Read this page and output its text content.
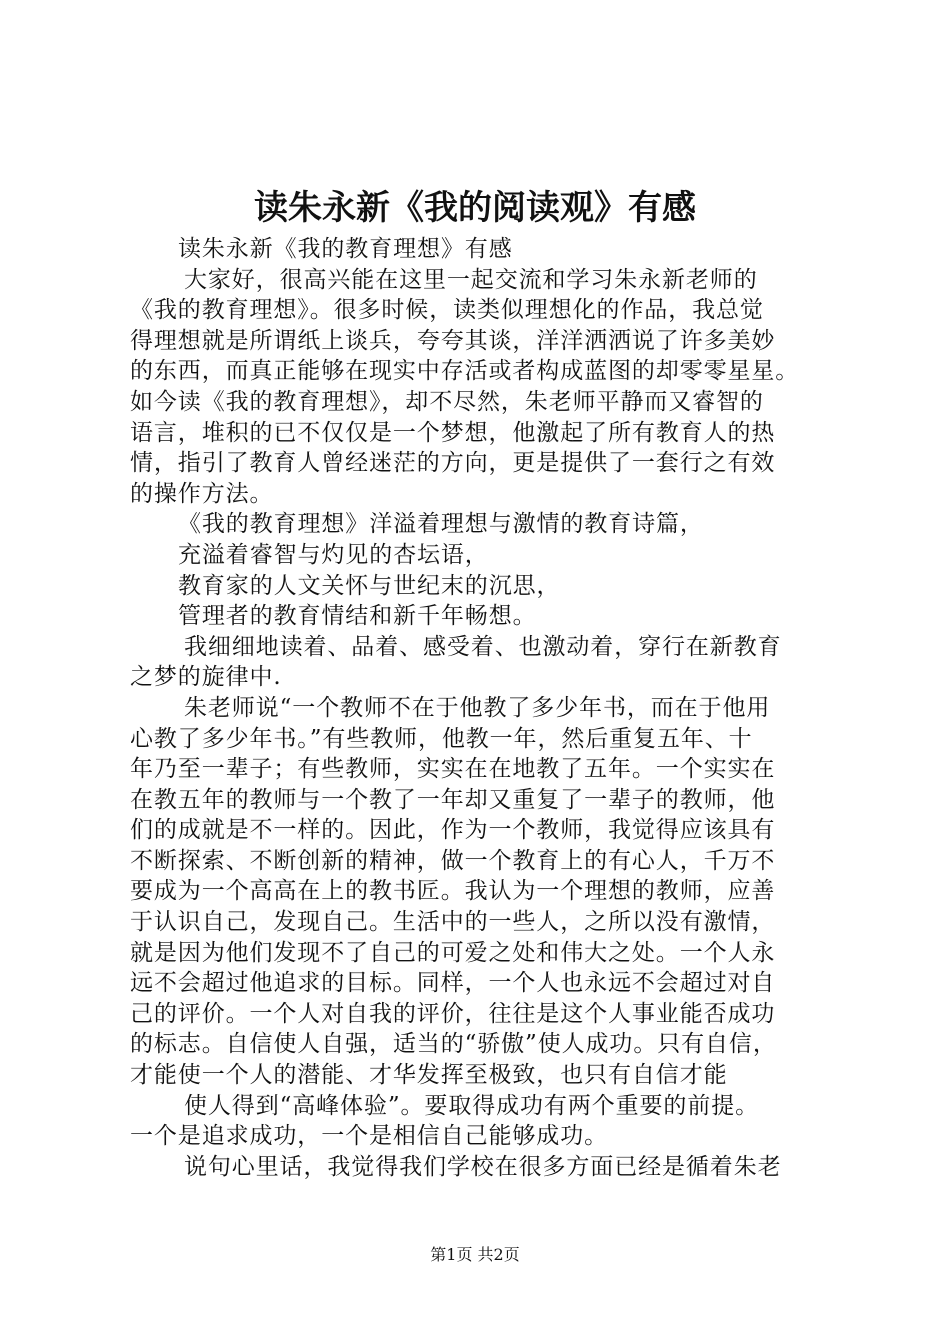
读朱永新《我的阅读观》有感
读朱永新《我的教育理想》有感
大家好，很高兴能在这里一起交流和学习朱永新老师的
《我的教育理想》。很多时候，读类似理想化的作品，我总觉
得理想就是所谓纸上谈兵，夸夸其谈，洋洋洒洒说了许多美妙
的东西，而真正能够在现实中存活或者构成蓝图的却零零星星。
如今读《我的教育理想》，却不尽然，朱老师平静而又睿智的
语言，堆积的已不仅仅是一个梦想，他激起了所有教育人的热
情，指引了教育人曾经迷茫的方向，更是提供了一套行之有效
的操作方法。
《我的教育理想》洋溢着理想与激情的教育诗篇，
充溢着睿智与灼见的杏坛语，
教育家的人文关怀与世纪末的沉思，
管理者的教育情结和新千年畅想。
我细细地读着、品着、感受着、也激动着，穿行在新教育
之梦的旋律中.
朱老师说“一个教师不在于他教了多少年书，而在于他用
心教了多少年书。”有些教师，他教一年，然后重复五年、十
年乃至一辈子；有些教师，实实在在地教了五年。一个实实在
在教五年的教师与一个教了一年却又重复了一辈子的教师，他
们的成就是不一样的。因此，作为一个教师，我觉得应该具有
不断探索、不断创新的精神，做一个教育上的有心人，千万不
要成为一个高高在上的教书匠。我认为一个理想的教师，应善
于认识自己，发现自己。生活中的一些人，之所以没有激情，
就是因为他们发现不了自己的可爱之处和伟大之处。一个人永
远不会超过他追求的目标。同样，一个人也永远不会超过对自
己的评价。一个人对自我的评价，往往是这个人事业能否成功
的标志。自信使人自强，适当的“骄傲”使人成功。只有自信，
才能使一个人的潜能、才华发挥至极致，也只有自信才能
使人得到“高峰体验”。要取得成功有两个重要的前提。
一个是追求成功，一个是相信自己能够成功。
说句心里话，我觉得我们学校在很多方面已经是循着朱老
第1页 共2页
